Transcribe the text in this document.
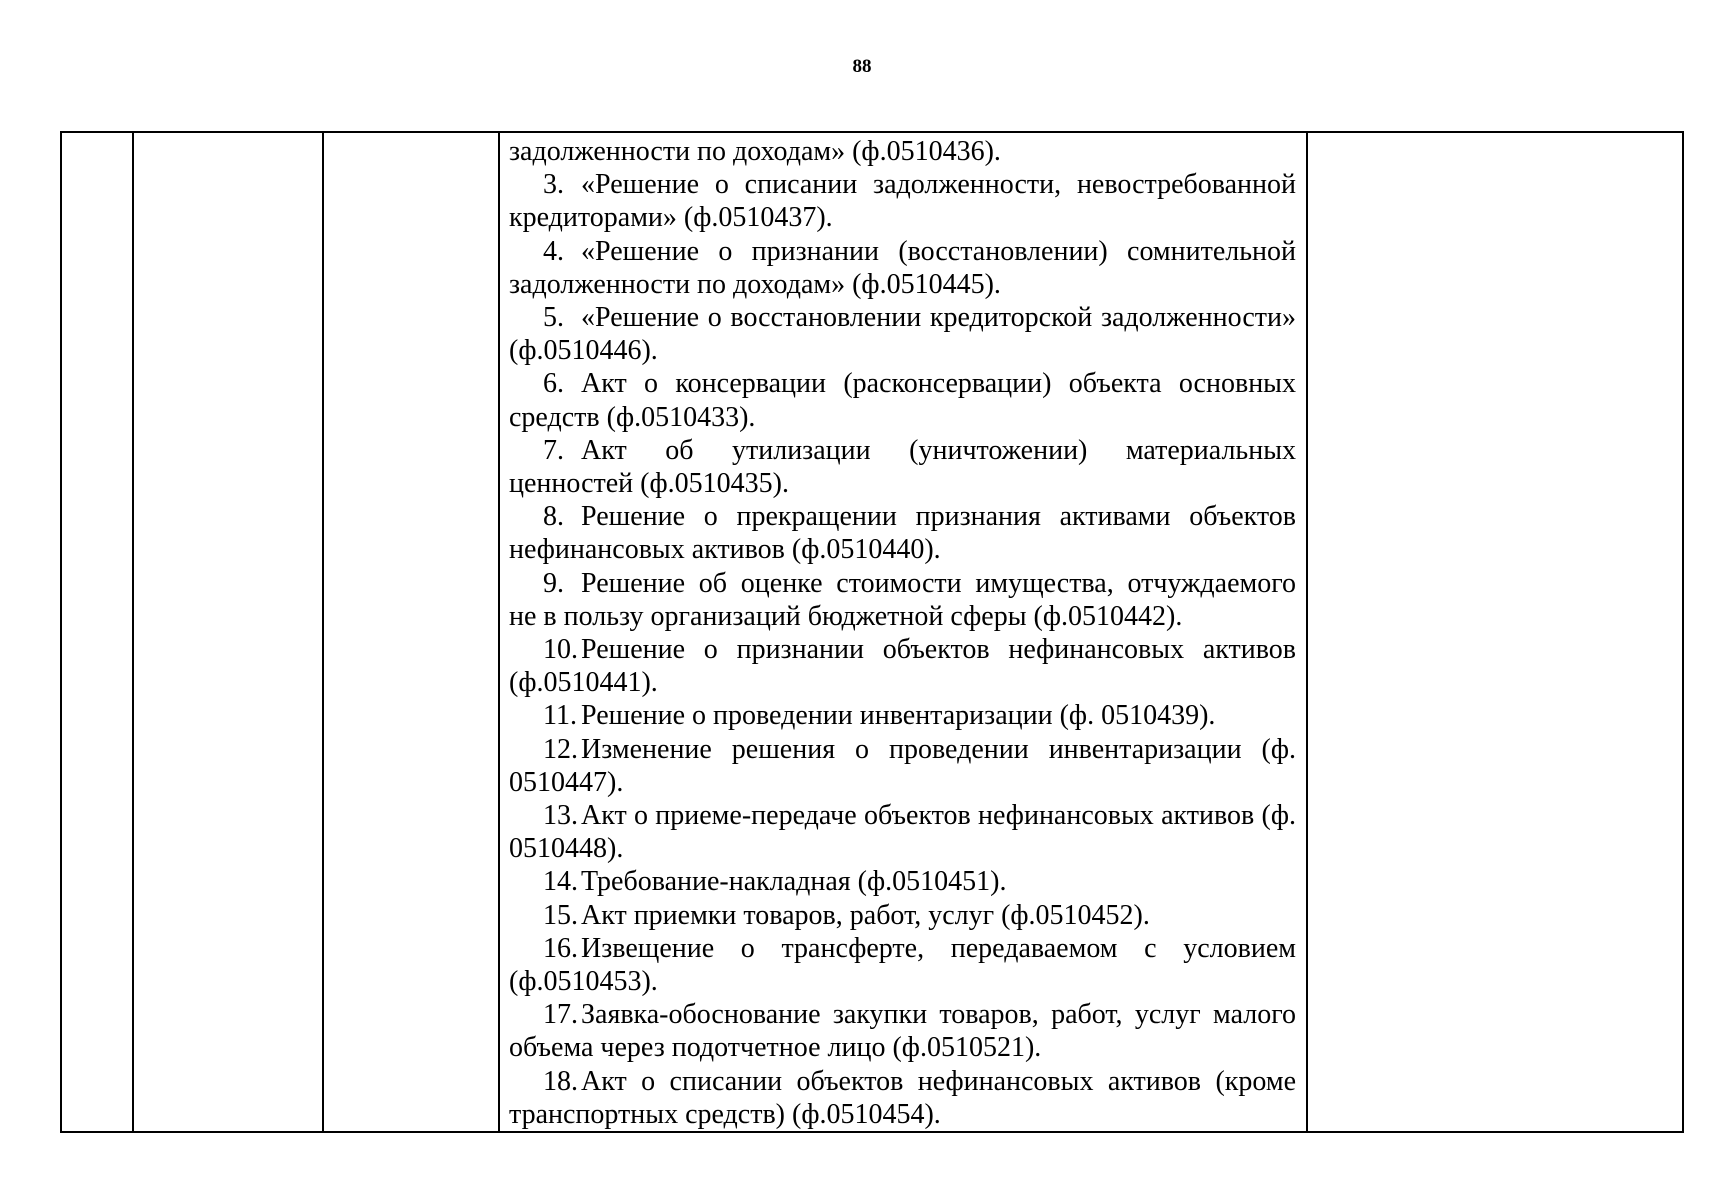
88

задолженности по доходам» (ф.0510436).

3. «Решение о списании задолженности, невостребованной кредиторами» (ф.0510437).

4. «Решение о признании (восстановлении) сомнительной задолженности по доходам» (ф.0510445).

5. «Решение о восстановлении кредиторской задолженности» (ф.0510446).

6. Акт о консервации (расконсервации) объекта основных средств (ф.0510433).

7. Акт об утилизации (уничтожении) материальных ценностей (ф.0510435).

8. Решение о прекращении признания активами объектов нефинансовых активов (ф.0510440).

9. Решение об оценке стоимости имущества, отчуждаемого не в пользу организаций бюджетной сферы (ф.0510442).

10. Решение о признании объектов нефинансовых активов (ф.0510441).

11. Решение о проведении инвентаризации (ф. 0510439).

12. Изменение решения о проведении инвентаризации (ф. 0510447).

13. Акт о приеме-передаче объектов нефинансовых активов (ф. 0510448).

14. Требование-накладная (ф.0510451).

15. Акт приемки товаров, работ, услуг (ф.0510452).

16. Извещение о трансферте, передаваемом с условием (ф.0510453).

17. Заявка-обоснование закупки товаров, работ, услуг малого объема через подотчетное лицо (ф.0510521).

18. Акт о списании объектов нефинансовых активов (кроме транспортных средств) (ф.0510454).
